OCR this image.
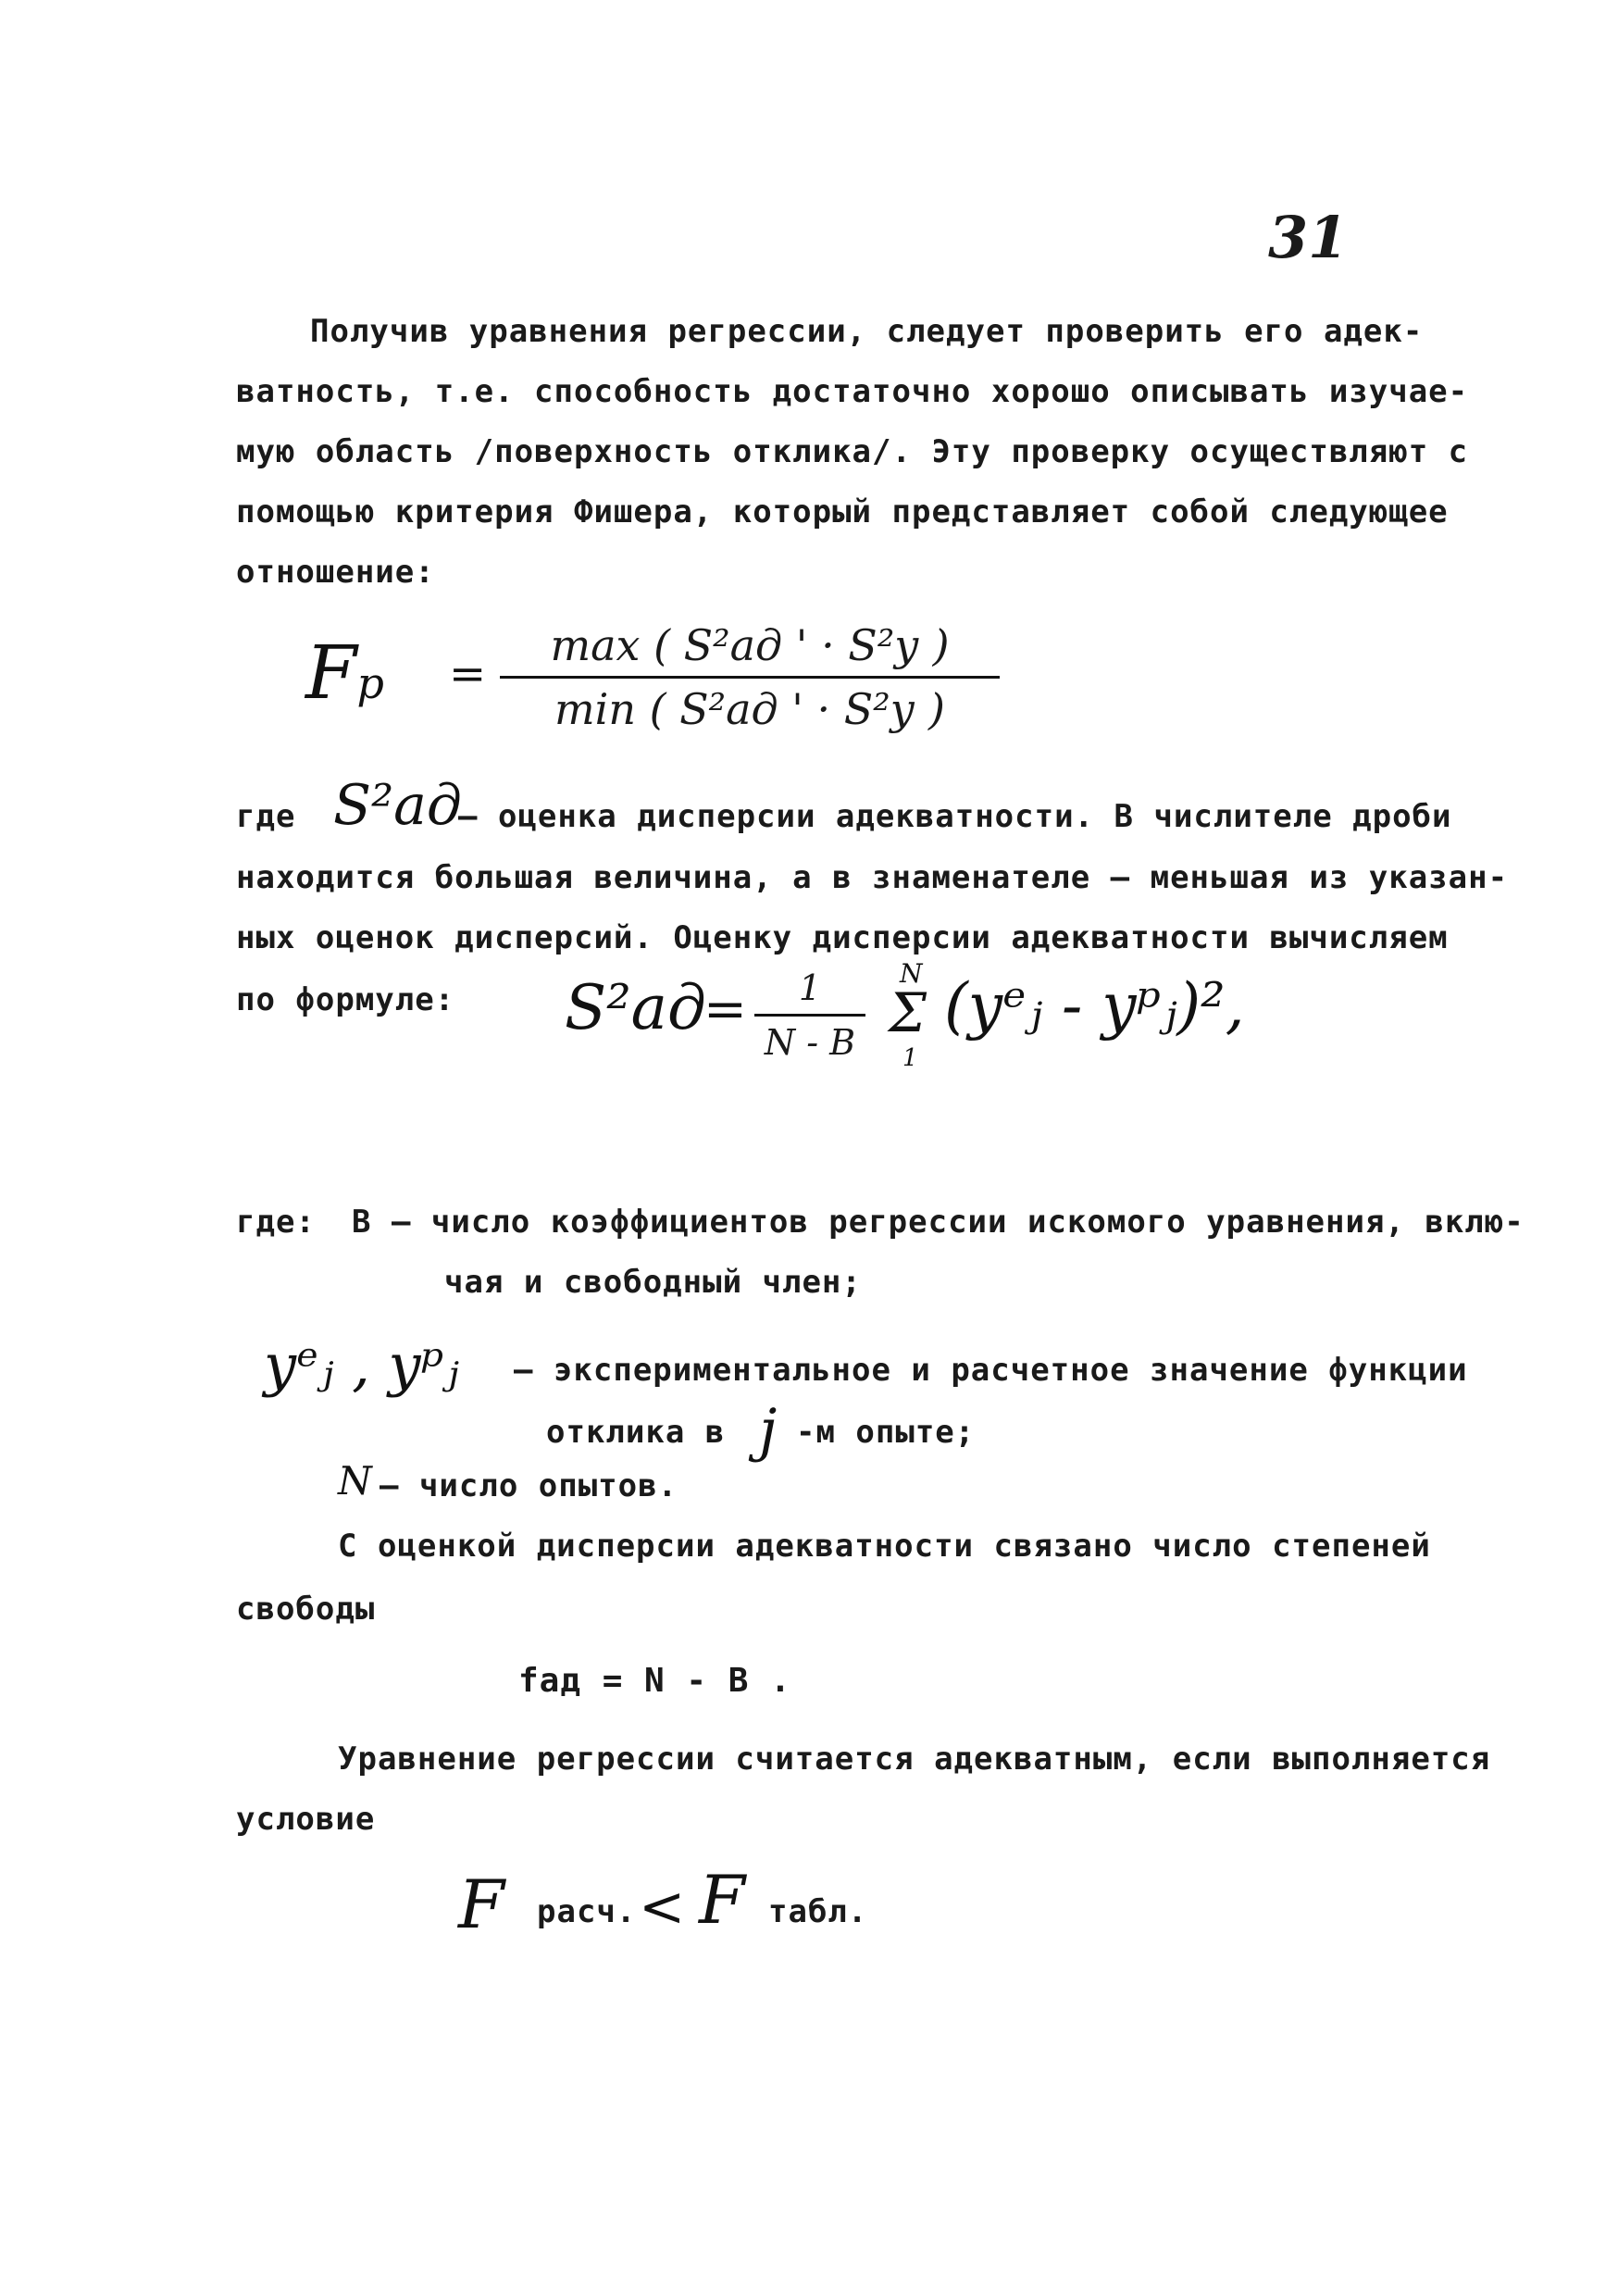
31
Получив уравнения регрессии, следует проверить его адек-
ватность, т.е. способность достаточно хорошо описывать изучае-
мую область /поверхность отклика/. Эту проверку осуществляют с
помощью критерия Фишера, который представляет собой следующее
отношение:
Fр =
max ( S²ад ' · S²у )
min ( S²ад ' · S²у )
где S²ад
– оценка дисперсии адекватности. В числителе дроби
находится большая величина, а в знаменателе – меньшая из указан-
ных оценок дисперсий. Оценку дисперсии адекватности вычисляем
по формуле: S²ад
=	1
N - B
N
Σ
1
(yᵉⱼ - yᵖⱼ)²,
где: B – число коэффициентов регрессии искомого уравнения, вклю-
чая и свободный член;
yᵉⱼ , yᵖⱼ – экспериментальное и расчетное значение функции
отклика в j -м опыте;
N – число опытов.
С оценкой дисперсии адекватности связано число степеней
свободы
fад = N - B .
Уравнение регрессии считается адекватным, если выполняется
условие
F расч. < F табл.
